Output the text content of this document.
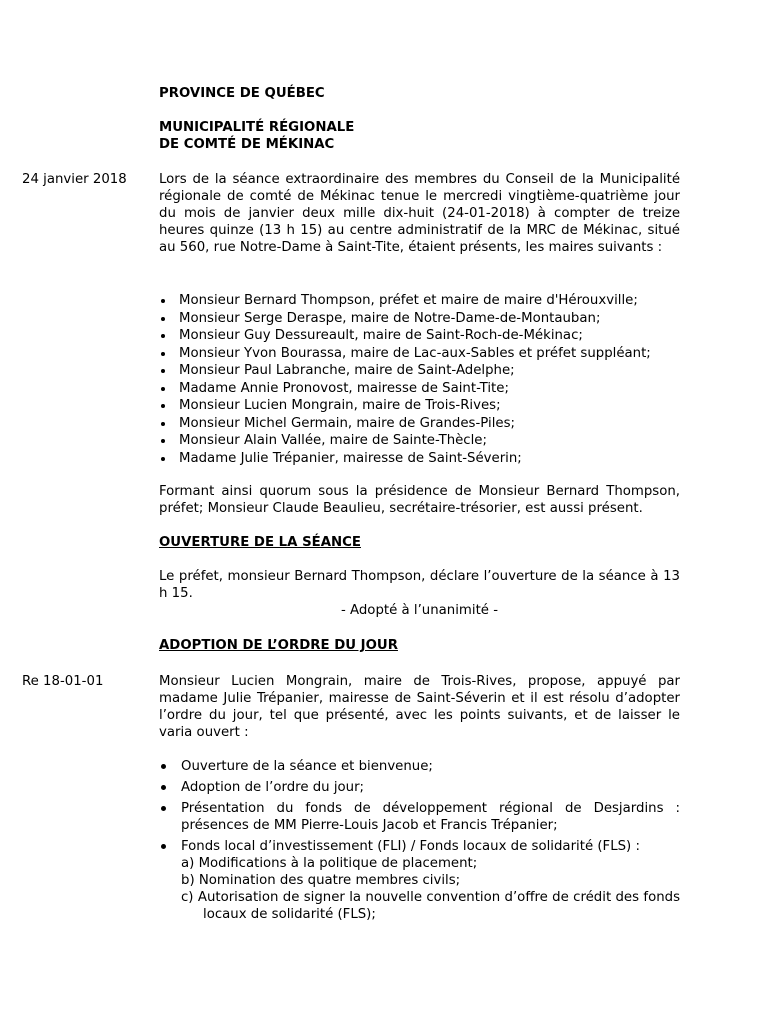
PROVINCE DE QUÉBEC
MUNICIPALITÉ RÉGIONALE
DE COMTÉ DE MÉKINAC
24 janvier 2018 Lors de la séance extraordinaire des membres du Conseil de la Municipalité régionale de comté de Mékinac tenue le mercredi vingtième-quatrième jour du mois de janvier deux mille dix-huit (24-01-2018) à compter de treize heures quinze (13 h 15) au centre administratif de la MRC de Mékinac, situé au 560, rue Notre-Dame à Saint-Tite, étaient présents, les maires suivants :
Monsieur Bernard Thompson, préfet et maire de maire d'Hérouxville;
Monsieur Serge Deraspe, maire de Notre-Dame-de-Montauban;
Monsieur Guy Dessureault, maire de Saint-Roch-de-Mékinac;
Monsieur Yvon Bourassa, maire de Lac-aux-Sables et préfet suppléant;
Monsieur Paul Labranche, maire de Saint-Adelphe;
Madame Annie Pronovost, mairesse de Saint-Tite;
Monsieur Lucien Mongrain, maire de Trois-Rives;
Monsieur Michel Germain, maire de Grandes-Piles;
Monsieur Alain Vallée, maire de Sainte-Thècle;
Madame Julie Trépanier, mairesse de Saint-Séverin;
Formant ainsi quorum sous la présidence de Monsieur Bernard Thompson, préfet; Monsieur Claude Beaulieu, secrétaire-trésorier, est aussi présent.
OUVERTURE DE LA SÉANCE
Le préfet, monsieur Bernard Thompson, déclare l’ouverture de la séance à 13 h 15.
- Adopté à l’unanimité -
ADOPTION DE L’ORDRE DU JOUR
Re 18-01-01	Monsieur Lucien Mongrain, maire de Trois-Rives, propose, appuyé par madame Julie Trépanier, mairesse de Saint-Séverin et il est résolu d’adopter l’ordre du jour, tel que présenté, avec les points suivants, et de laisser le varia ouvert :
Ouverture de la séance et bienvenue;
Adoption de l’ordre du jour;
Présentation du fonds de développement régional de Desjardins : présences de MM Pierre-Louis Jacob et Francis Trépanier;
Fonds local d’investissement (FLI) / Fonds locaux de solidarité (FLS) :
a) Modifications à la politique de placement;
b) Nomination des quatre membres civils;
c) Autorisation de signer la nouvelle convention d’offre de crédit des fonds locaux de solidarité (FLS);
